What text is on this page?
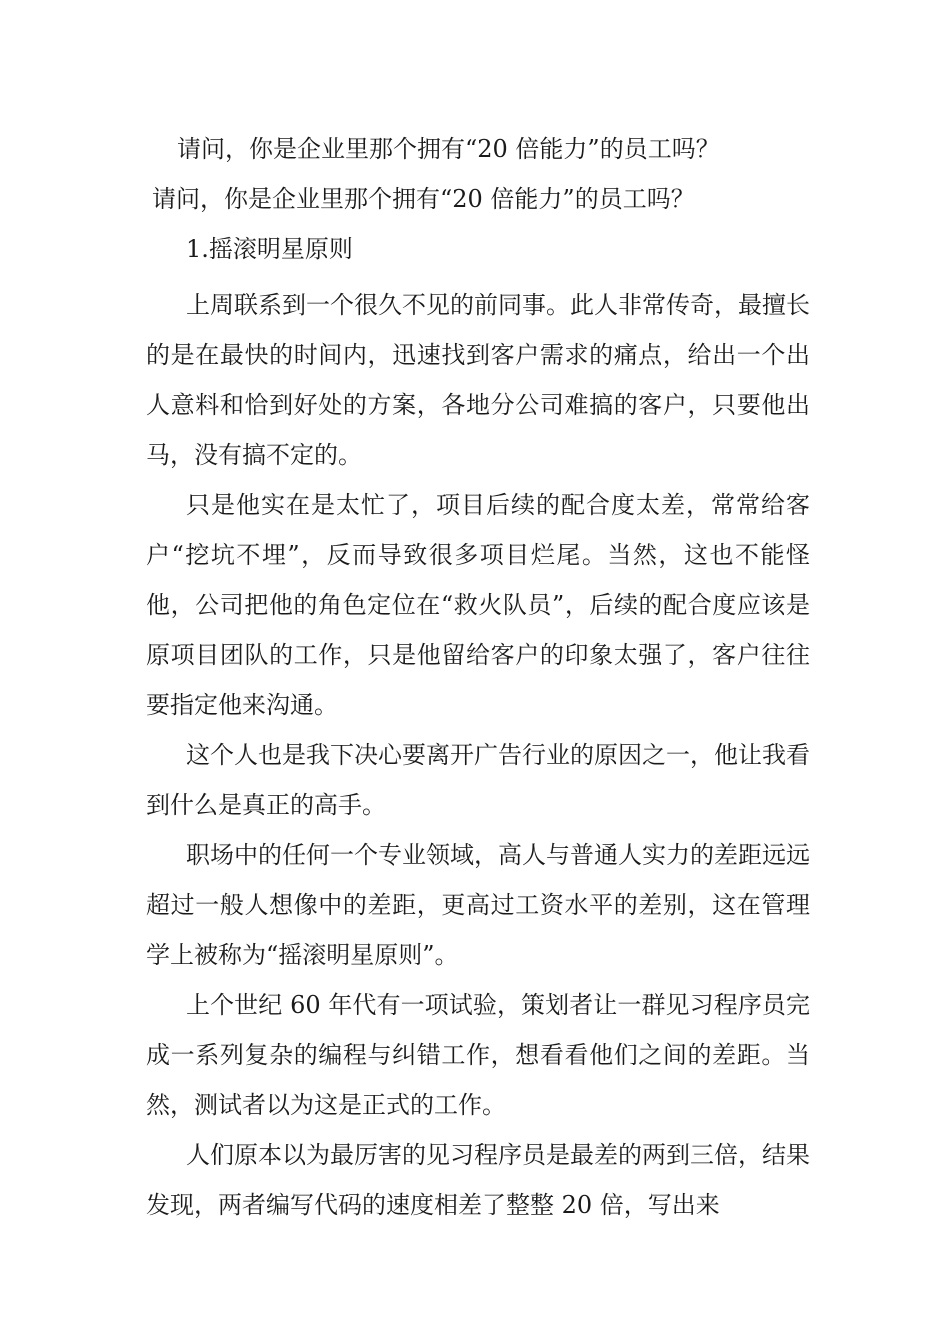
请问，你是企业里那个拥有“20 倍能力”的员工吗？
请问，你是企业里那个拥有“20 倍能力”的员工吗？
1.摇滚明星原则

上周联系到一个很久不见的前同事。此人非常传奇，最擅长的是在最快的时间内，迅速找到客户需求的痛点，给出一个出人意料和恰到好处的方案，各地分公司难搞的客户，只要他出马，没有搞不定的。

只是他实在是太忙了，项目后续的配合度太差，常常给客户“挖坑不埋”，反而导致很多项目烂尾。当然，这也不能怪他，公司把他的角色定位在“救火队员”，后续的配合度应该是原项目团队的工作，只是他留给客户的印象太强了，客户往往要指定他来沟通。

这个人也是我下决心要离开广告行业的原因之一，他让我看到什么是真正的高手。

职场中的任何一个专业领域，高人与普通人实力的差距远远超过一般人想像中的差距，更高过工资水平的差别，这在管理学上被称为“摇滚明星原则”。

上个世纪 60 年代有一项试验，策划者让一群见习程序员完成一系列复杂的编程与纠错工作，想看看他们之间的差距。当然，测试者以为这是正式的工作。

人们原本以为最厉害的见习程序员是最差的两到三倍，结果发现，两者编写代码的速度相差了整整 20 倍，写出来
